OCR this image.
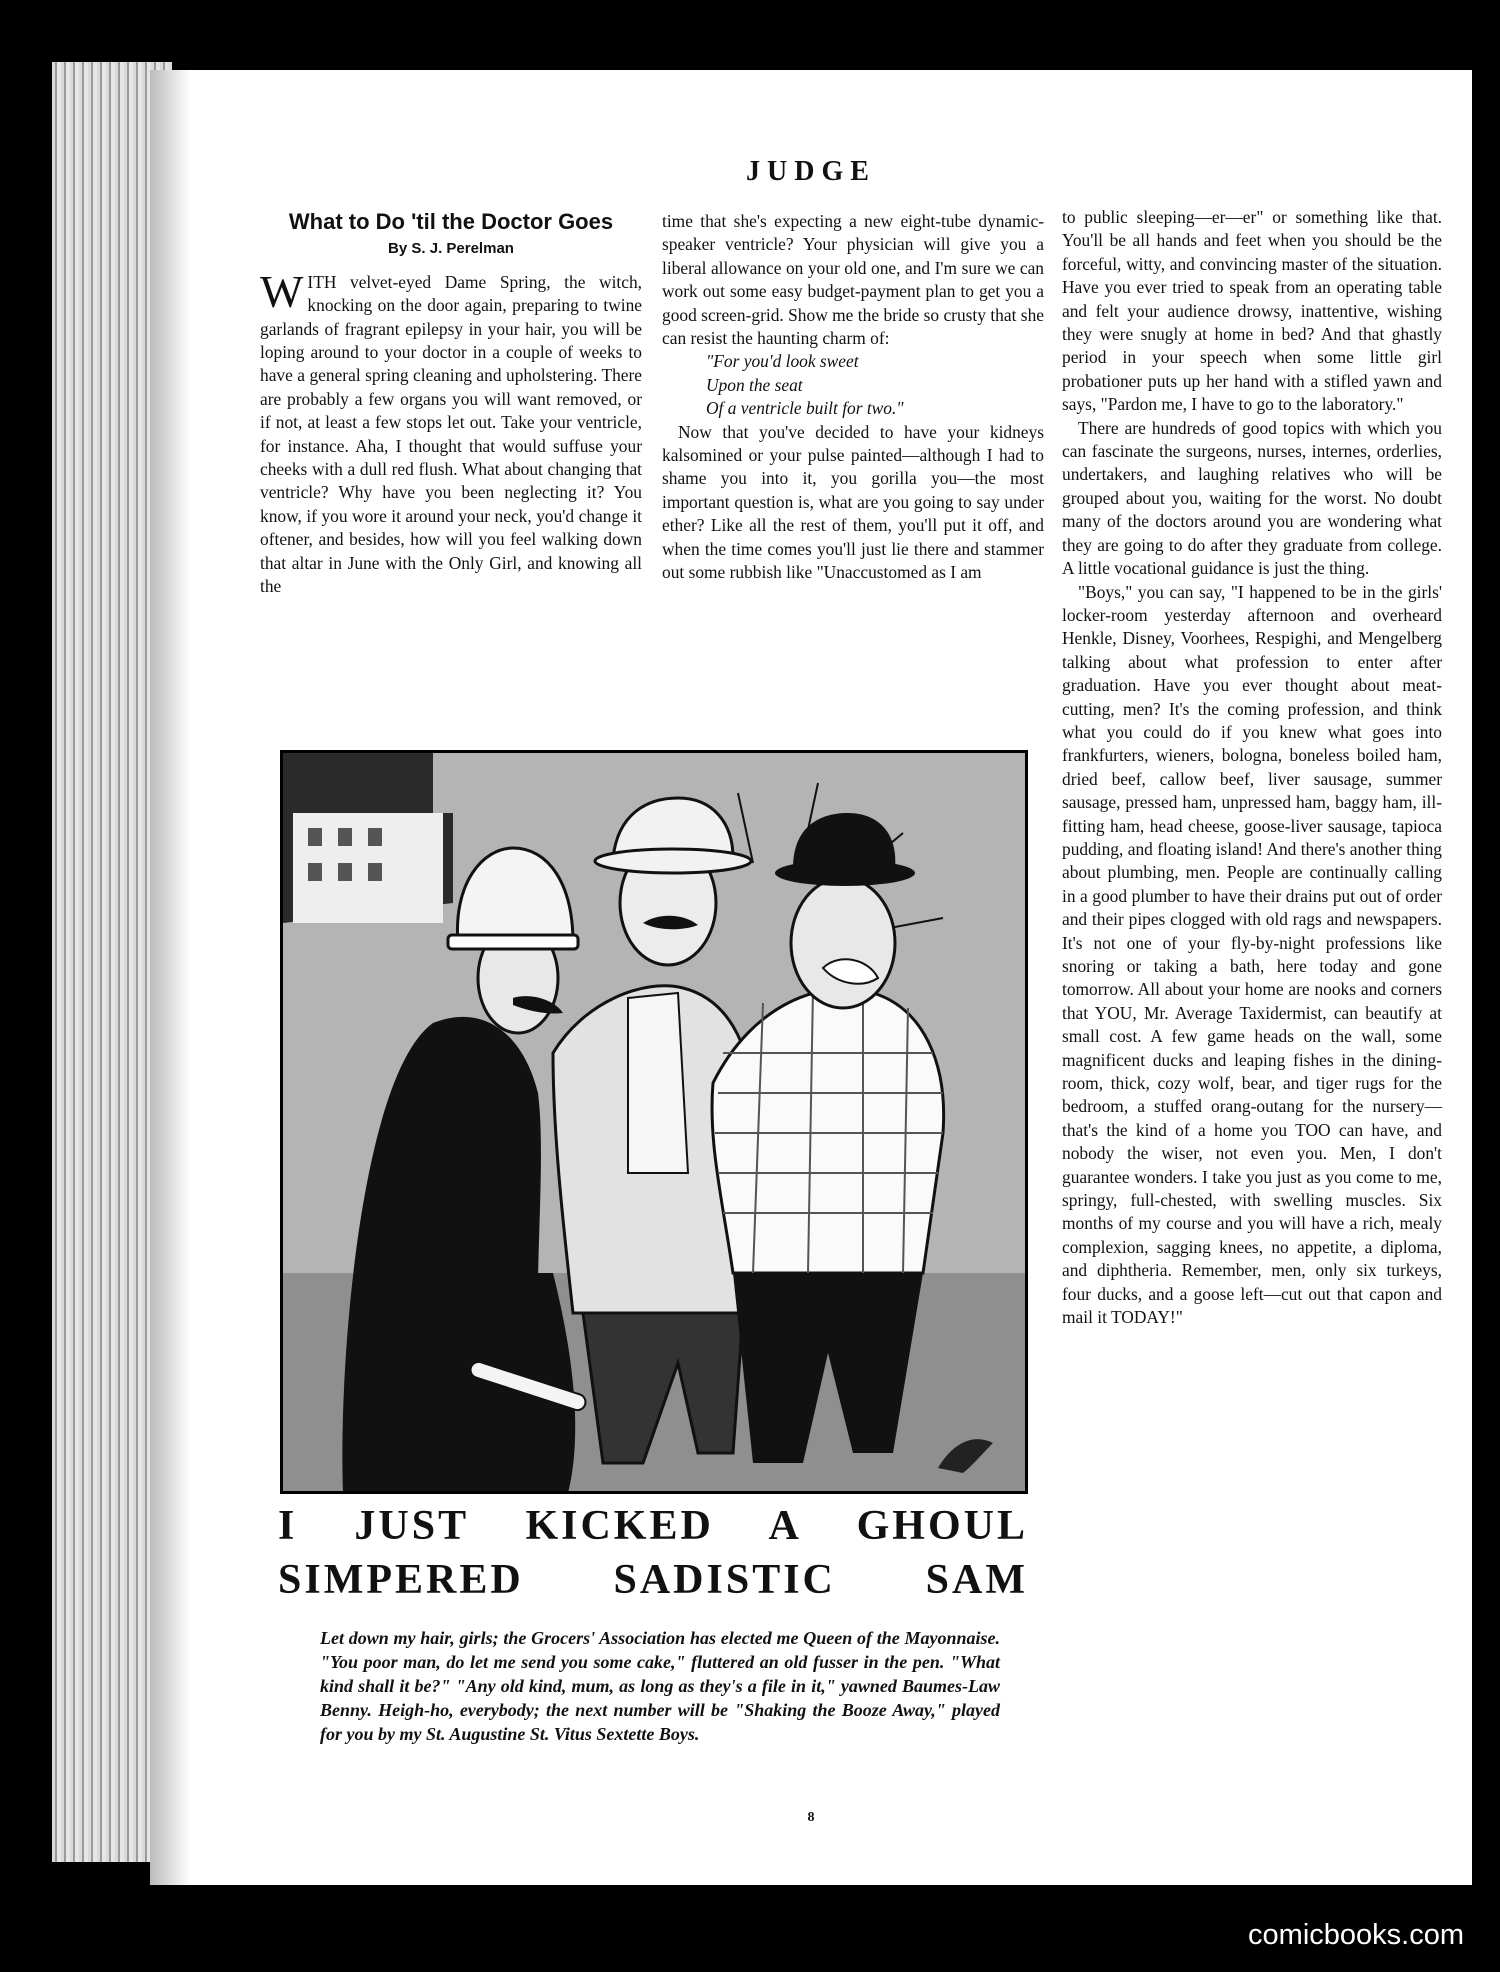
JUDGE

What to Do 'til the Doctor Goes

By S. J. Perelman

WITH velvet-eyed Dame Spring, the witch, knocking on the door again, preparing to twine garlands of fragrant epilepsy in your hair, you will be loping around to your doctor in a couple of weeks to have a general spring cleaning and upholstering. There are probably a few organs you will want removed, or if not, at least a few stops let out. Take your ventricle, for instance. Aha, I thought that would suffuse your cheeks with a dull red flush. What about changing that ventricle? Why have you been neglecting it? You know, if you wore it around your neck, you'd change it oftener, and besides, how will you feel walking down that altar in June with the Only Girl, and knowing all the

time that she's expecting a new eight-tube dynamic-speaker ventricle? Your physician will give you a liberal allowance on your old one, and I'm sure we can work out some easy budget-payment plan to get you a good screen-grid. Show me the bride so crusty that she can resist the haunting charm of:

"For you'd look sweet

Upon the seat

Of a ventricle built for two."

Now that you've decided to have your kidneys kalsomined or your pulse painted—although I had to shame you into it, you gorilla you—the most important question is, what are you going to say under ether? Like all the rest of them, you'll put it off, and when the time comes you'll just lie there and stammer out some rubbish like "Unaccustomed as I am

to public sleeping—er—er" or something like that. You'll be all hands and feet when you should be the forceful, witty, and convincing master of the situation. Have you ever tried to speak from an operating table and felt your audience drowsy, inattentive, wishing they were snugly at home in bed? And that ghastly period in your speech when some little girl probationer puts up her hand with a stifled yawn and says, "Pardon me, I have to go to the laboratory."

There are hundreds of good topics with which you can fascinate the surgeons, nurses, internes, orderlies, undertakers, and laughing relatives who will be grouped about you, waiting for the worst. No doubt many of the doctors around you are wondering what they are going to do after they graduate from college. A little vocational guidance is just the thing.

"Boys," you can say, "I happened to be in the girls' locker-room yesterday afternoon and overheard Henkle, Disney, Voorhees, Respighi, and Mengelberg talking about what profession to enter after graduation. Have you ever thought about meat-cutting, men? It's the coming profession, and think what you could do if you knew what goes into frankfurters, wieners, bologna, boneless boiled ham, dried beef, callow beef, liver sausage, summer sausage, pressed ham, unpressed ham, baggy ham, ill-fitting ham, head cheese, goose-liver sausage, tapioca pudding, and floating island! And there's another thing about plumbing, men. People are continually calling in a good plumber to have their drains put out of order and their pipes clogged with old rags and newspapers. It's not one of your fly-by-night professions like snoring or taking a bath, here today and gone tomorrow. All about your home are nooks and corners that YOU, Mr. Average Taxidermist, can beautify at small cost. A few game heads on the wall, some magnificent ducks and leaping fishes in the dining-room, thick, cozy wolf, bear, and tiger rugs for the bedroom, a stuffed orang-outang for the nursery—that's the kind of a home you TOO can have, and nobody the wiser, not even you. Men, I don't guarantee wonders. I take you just as you come to me, springy, full-chested, with swelling muscles. Six months of my course and you will have a rich, mealy complexion, sagging knees, no appetite, a diploma, and diphtheria. Remember, men, only six turkeys, four ducks, and a goose left—cut out that capon and mail it TODAY!"

I JUST KICKED A GHOUL
SIMPERED SADISTIC SAM
Let down my hair, girls; the Grocers' Association has elected me Queen of the Mayonnaise. "You poor man, do let me send you some cake," fluttered an old fusser in the pen. "What kind shall it be?" "Any old kind, mum, as long as they's a file in it," yawned Baumes-Law Benny. Heigh-ho, everybody; the next number will be "Shaking the Booze Away," played for you by my St. Augustine St. Vitus Sextette Boys.
8
comicbooks.com
